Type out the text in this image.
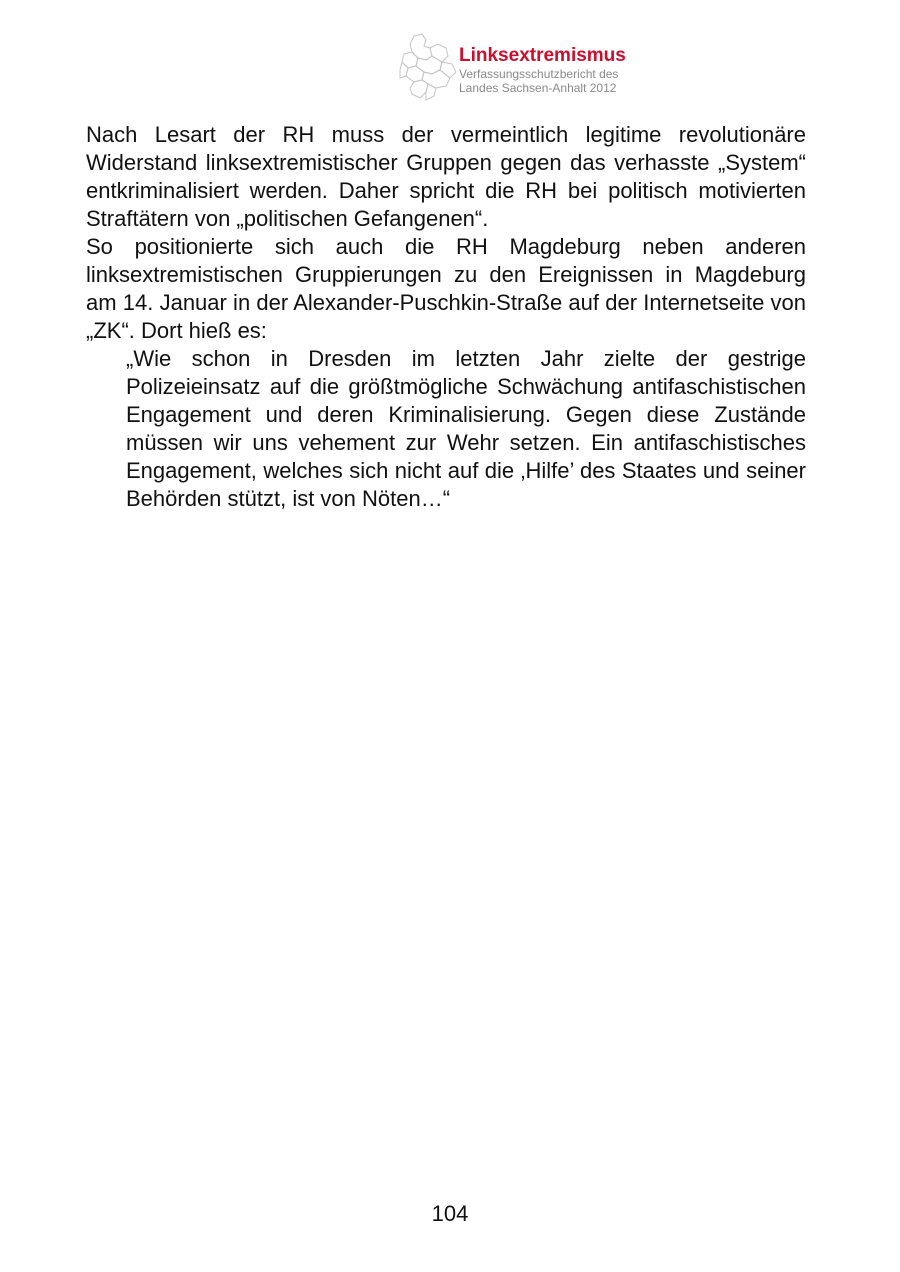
Linksextremismus
Verfassungsschutzbericht des
Landes Sachsen-Anhalt 2012

Nach Lesart der RH muss der vermeintlich legitime revolutionäre Widerstand linksextremistischer Gruppen gegen das verhasste „System“ entkriminalisiert werden. Daher spricht die RH bei politisch motivierten Straftätern von „politischen Gefangenen“.

So positionierte sich auch die RH Magdeburg neben anderen linksextremistischen Gruppierungen zu den Ereignissen in Magdeburg am 14. Januar in der Alexander-Puschkin-Straße auf der Internetseite von „ZK“. Dort hieß es:

„Wie schon in Dresden im letzten Jahr zielte der gestrige Polizeieinsatz auf die größtmögliche Schwächung antifaschistischen Engagement und deren Kriminalisierung. Gegen diese Zustände müssen wir uns vehement zur Wehr setzen. Ein antifaschistisches Engagement, welches sich nicht auf die ‚Hilfe’ des Staates und seiner Behörden stützt, ist von Nöten…“

104
